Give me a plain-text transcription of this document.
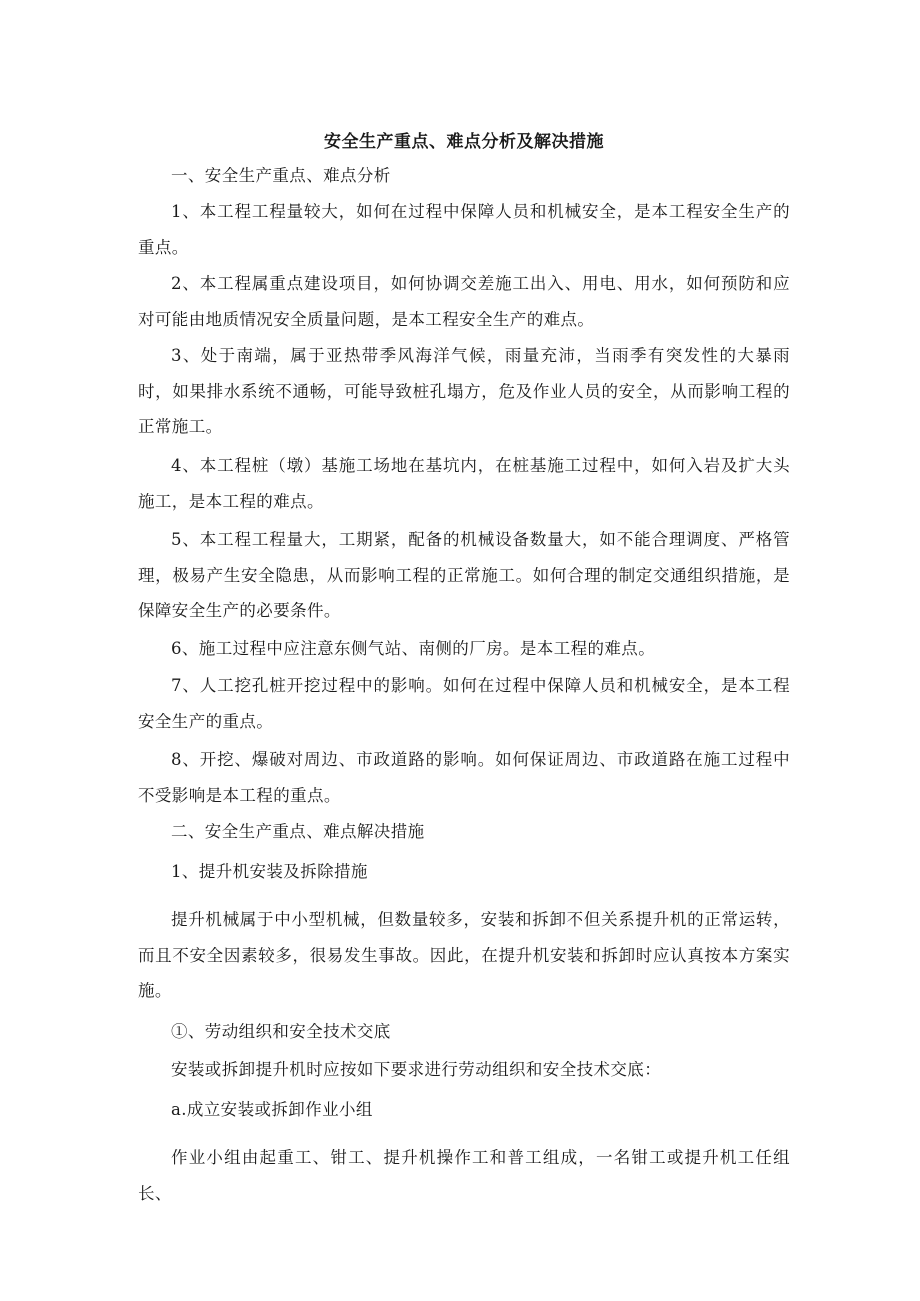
安全生产重点、难点分析及解决措施
一、安全生产重点、难点分析
1、本工程工程量较大，如何在过程中保障人员和机械安全，是本工程安全生产的重点。
2、本工程属重点建设项目，如何协调交差施工出入、用电、用水，如何预防和应对可能由地质情况安全质量问题，是本工程安全生产的难点。
3、处于南端，属于亚热带季风海洋气候，雨量充沛，当雨季有突发性的大暴雨时，如果排水系统不通畅，可能导致桩孔塌方，危及作业人员的安全，从而影响工程的正常施工。
4、本工程桩（墩）基施工场地在基坑内，在桩基施工过程中，如何入岩及扩大头施工，是本工程的难点。
5、本工程工程量大，工期紧，配备的机械设备数量大，如不能合理调度、严格管理，极易产生安全隐患，从而影响工程的正常施工。如何合理的制定交通组织措施，是保障安全生产的必要条件。
6、施工过程中应注意东侧气站、南侧的厂房。是本工程的难点。
7、人工挖孔桩开挖过程中的影响。如何在过程中保障人员和机械安全，是本工程安全生产的重点。
8、开挖、爆破对周边、市政道路的影响。如何保证周边、市政道路在施工过程中不受影响是本工程的重点。
二、安全生产重点、难点解决措施
1、提升机安装及拆除措施
提升机械属于中小型机械，但数量较多，安装和拆卸不但关系提升机的正常运转，而且不安全因素较多，很易发生事故。因此，在提升机安装和拆卸时应认真按本方案实施。
①、劳动组织和安全技术交底
安装或拆卸提升机时应按如下要求进行劳动组织和安全技术交底：
a.成立安装或拆卸作业小组
作业小组由起重工、钳工、提升机操作工和普工组成，一名钳工或提升机工任组长、
